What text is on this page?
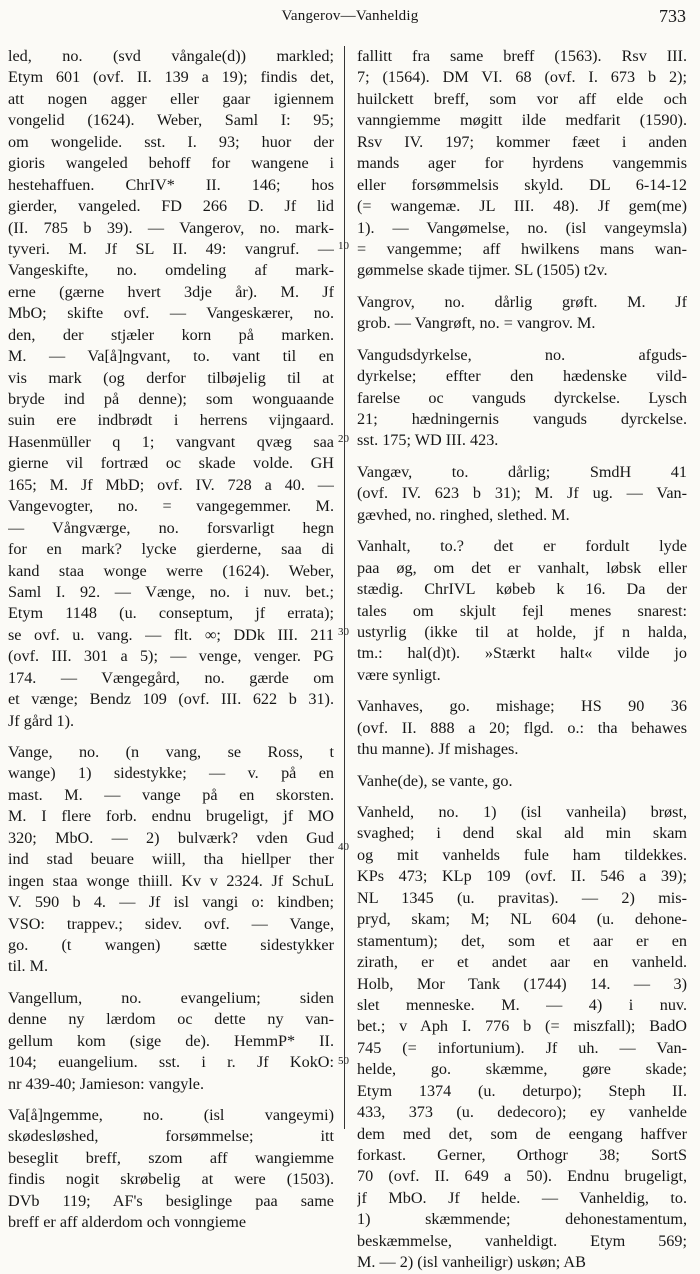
Vangerov—Vanheldig	733
led, no. (svd vångale(d)) markled;
Etym 601 (ovf. II. 139 a 19); findis det,
att nogen agger eller gaar igiennem
vongelid (1624). Weber, Saml I: 95;
om wongelide. sst. I. 93; huor der
gioris wangeled behoff for wangene i
hestehaffuen. ChrIV* II. 146; hos
gierder, vangeled. FD 266 D. Jf lid
(II. 785 b 39). — Vangerov, no. mark-
tyveri. M. Jf SL II. 49: vangruf. —
Vangeskifte, no. omdeling af mark-
erne (gærne hvert 3dje år). M. Jf
MbO; skifte ovf. — Vangeskærer, no.
den, der stjæler korn på marken.
M. — Va[å]ngvant, to. vant til en
vis mark (og derfor tilbøjelig til at
bryde ind på denne); som wonguaande
suin ere indbrødt i herrens vijngaard.
Hasenmüller q 1; vangvant qvæg saa
gierne vil fortræd oc skade volde. GH
165; M. Jf MbD; ovf. IV. 728 a 40. —
Vangevogter, no. = vangegemmer. M.
— Vångværge, no. forsvarligt hegn
for en mark? lycke gierderne, saa di
kand staa wonge werre (1624). Weber,
Saml I. 92. — Vænge, no. i nuv. bet.;
Etym 1148 (u. conseptum, jf errata);
se ovf. u. vang. — flt. ∞; DDk III. 211
(ovf. III. 301 a 5); — venge, venger. PG
174. — Vængegård, no. gærde om
et vænge; Bendz 109 (ovf. III. 622 b 31).
Jf gård 1).
Vange, no. (n vang, se Ross, t
wange) 1) sidestykke; — v. på en
mast. M. — vange på en skorsten.
M. I flere forb. endnu brugeligt, jf MO
320; MbO. — 2) bulværk? vden Gud
ind stad beuare wiill, tha hiellper ther
ingen staa wonge thiill. Kv v 2324. Jf SchuL
V. 590 b 4. — Jf isl vangi o: kindben;
VSO: trappev.; sidev. ovf. — Vange,
go. (t wangen) sætte sidestykker
til. M.
Vangellum, no. evangelium; siden
denne ny lærdom oc dette ny van-
gellum kom (sige de). HemmP* II.
104; euangelium. sst. i r. Jf KokO:
nr 439-40; Jamieson: vangyle.
Va[å]ngemme, no. (isl vangeymi)
skødesløshed, forsømmelse; itt
beseglit breff, szom aff wangiemme
findis nogit skrøbelig at were (1503).
DVb 119; AF's besiglinge paa same
breff er aff alderdom och vonngieme
fallitt fra same breff (1563). Rsv III.
7; (1564). DM VI. 68 (ovf. I. 673 b 2);
huilckett breff, som vor aff elde och
vanngiemme møgitt ilde medfarit (1590).
Rsv IV. 197; kommer fæet i anden
mands ager for hyrdens vangemmis
eller forsømmelsis skyld. DL 6-14-12
(= wangemæ. JL III. 48). Jf gem(me)
1). — Vangømelse, no. (isl vangeymsla)
= vangemme; aff hwilkens mans wan-
gømmelse skade tijmer. SL (1505) t2v.
Vangrov, no. dårlig grøft. M. Jf
grob. — Vangrøft, no. = vangrov. M.
Vangudsdyrkelse, no. afguds-
dyrkelse; effter den hædenske vild-
farelse oc vanguds dyrckelse. Lysch
21; hædningernis vanguds dyrckelse.
sst. 175; WD III. 423.
Vangæv, to. dårlig; SmdH 41
(ovf. IV. 623 b 31); M. Jf ug. — Van-
gævhed, no. ringhed, slethed. M.
Vanhalt, to.? det er fordult lyde
paa øg, om det er vanhalt, løbsk eller
stædig. ChrIVL købeb k 16. Da der
tales om skjult fejl menes snarest:
ustyrlig (ikke til at holde, jf n halda,
tm.: hal(d)t). »Stærkt halt« vilde jo
være synligt.
Vanhaves, go. mishage; HS 90 36
(ovf. II. 888 a 20; flgd. o.: tha behawes
thu manne). Jf mishages.
Vanhe(de), se vante, go.
Vanheld, no. 1) (isl vanheila) brøst,
svaghed; i dend skal ald min skam
og mit vanhelds fule ham tildekkes.
KPs 473; KLp 109 (ovf. II. 546 a 39);
NL 1345 (u. pravitas). — 2) mis-
pryd, skam; M; NL 604 (u. dehone-
stamentum); det, som et aar er en
zirath, er et andet aar en vanheld.
Holb, Mor Tank (1744) 14. — 3)
slet menneske. M. — 4) i nuv.
bet.; v Aph I. 776 b (= miszfall); BadO
745 (= infortunium). Jf uh. — Van-
helde, go. skæmme, gøre skade;
Etym 1374 (u. deturpo); Steph II.
433, 373 (u. dedecoro); ey vanhelde
dem med det, som de eengang haffver
forkast. Gerner, Orthogr 38; SortS
70 (ovf. II. 649 a 50). Endnu brugeligt,
jf MbO. Jf helde. — Vanheldig, to.
1) skæmmende; dehonestamentum,
beskæmmelse, vanheldigt. Etym 569;
M. — 2) (isl vanheiligr) uskøn; AB
10
20
30
40
50
